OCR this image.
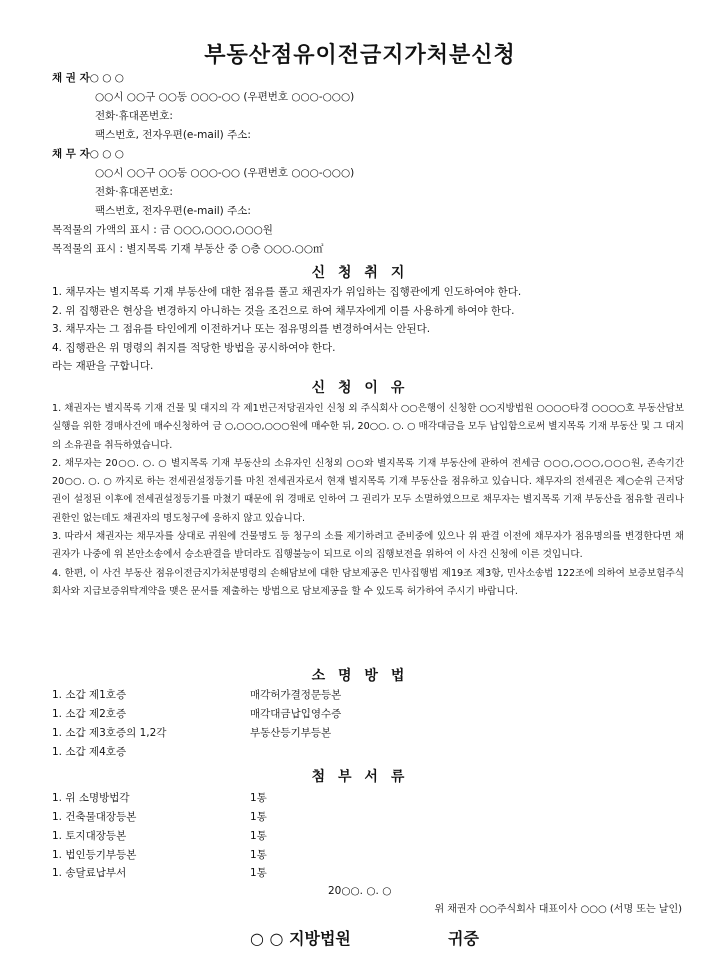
부동산점유이전금지가처분신청
채 권 자○ ○ ○
○○시 ○○구 ○○동 ○○○-○○ (우편번호 ○○○-○○○)
전화·휴대폰번호:
팩스번호, 전자우편(e-mail) 주소:
채 무 자○ ○ ○
○○시 ○○구 ○○동 ○○○-○○ (우편번호 ○○○-○○○)
전화·휴대폰번호:
팩스번호, 전자우편(e-mail) 주소:
목적물의 가액의 표시 : 금 ○○○,○○○,○○○원
목적물의 표시 : 별지목록 기재 부동산 중 ○층 ○○○.○○㎡
신 청 취 지

1. 채무자는 별지목록 기재 부동산에 대한 점유를 풀고 채권자가 위임하는 집행관에게 인도하여야 한다.

2. 위 집행관은 현상을 변경하지 아니하는 것을 조건으로 하여 채무자에게 이를 사용하게 하여야 한다.

3. 채무자는 그 점유를 타인에게 이전하거나 또는 점유명의를 변경하여서는 안된다.

4. 집행관은 위 명령의 취지를 적당한 방법을 공시하여야 한다.

라는 재판을 구합니다.

신 청 이 유

1. 채권자는 별지목록 기재 건물 및 대지의 각 제1번근저당권자인 신청 외 주식회사 ○○은행이 신청한 ○○지방법원 ○○○○타경 ○○○○호 부동산담보실행을 위한 경매사건에 매수신청하여 금 ○,○○○,○○○원에 매수한 뒤, 20○○. ○. ○ 매각대금을 모두 납입함으로써 별지목록 기재 부동산 및 그 대지의 소유권을 취득하였습니다.

2. 채무자는 20○○. ○. ○ 별지목록 기재 부동산의 소유자인 신청외 ○○와 별지목록 기재 부동산에 관하여 전세금 ○○○,○○○,○○○원, 존속기간 20○○. ○. ○ 까지로 하는 전세권설정등기를 마친 전세권자로서 현재 별지목록 기재 부동산을 점유하고 있습니다. 채무자의 전세권은 제○순위 근저당권이 설정된 이후에 전세권설정등기를 마쳤기 때문에 위 경매로 인하여 그 권리가 모두 소멸하였으므로 채무자는 별지목록 기재 부동산을 점유할 권리나 권한인 없는데도 채권자의 명도청구에 응하지 않고 있습니다.

3. 따라서 채권자는 채무자를 상대로 귀원에 건물명도 등 청구의 소를 제기하려고 준비중에 있으나 위 판결 이전에 채무자가 점유명의를 변경한다면 채권자가 나중에 위 본안소송에서 승소판결을 받더라도 집행불능이 되므로 이의 집행보전을 위하여 이 사건 신청에 이른 것입니다.

4. 한편, 이 사건 부동산 점유이전금지가처분명령의 손해담보에 대한 담보제공은 민사집행법 제19조 제3항, 민사소송법 122조에 의하여 보증보험주식회사와 지급보증위탁계약을 맺은 문서를 제출하는 방법으로 담보제공을 할 수 있도록 허가하여 주시기 바랍니다.

소 명 방 법
1. 소갑 제1호증	매각허가결정문등본
1. 소갑 제2호증	매각대금납입영수증
1. 소갑 제3호증의 1,2각	부동산등기부등본
1. 소갑 제4호증
첨 부 서 류
1. 위 소명방법각	1통
1. 건축물대장등본	1통
1. 토지대장등본	1통
1. 법인등기부등본	1통
1. 송달료납부서	1통
20○○. ○. ○
위 채권자 ○○주식회사 대표이사 ○○○ (서명 또는 날인)
○ ○ 지방법원	귀중
